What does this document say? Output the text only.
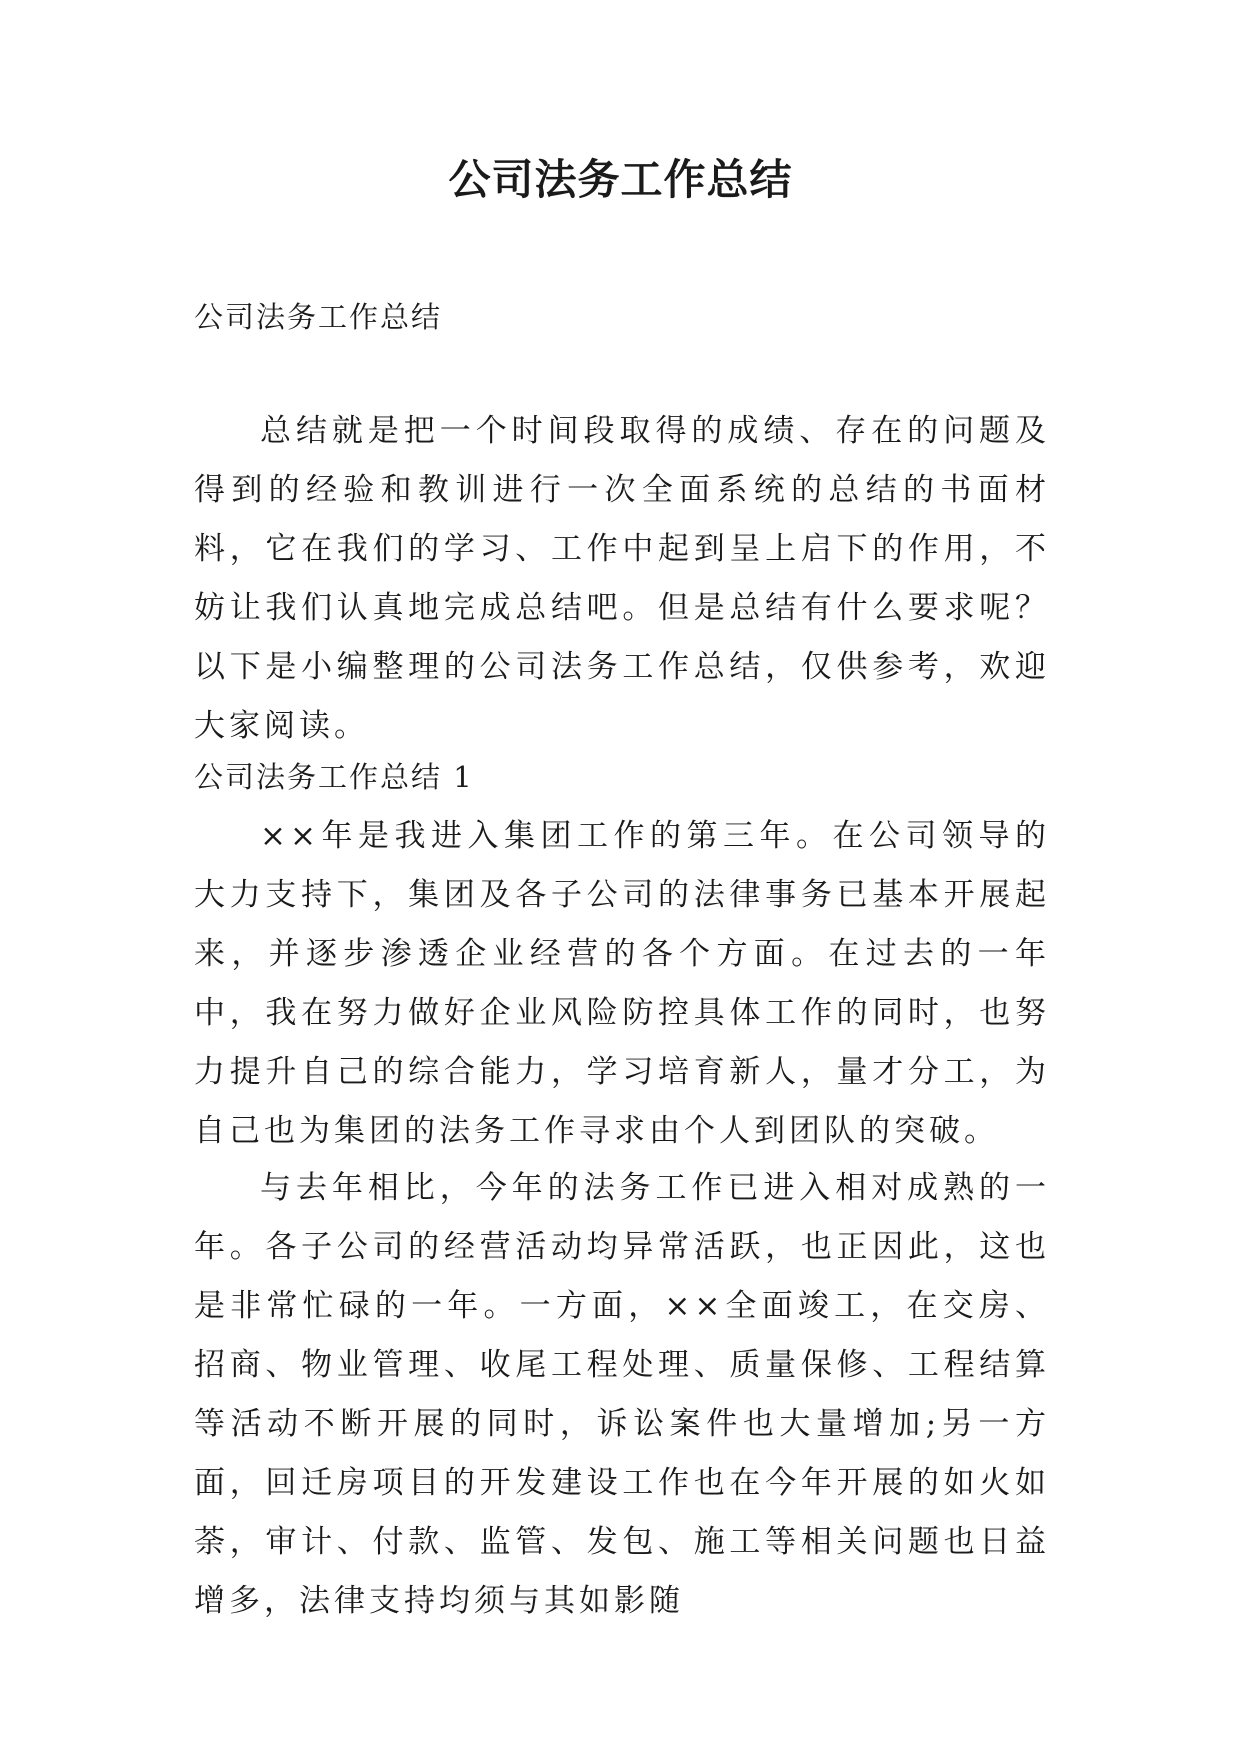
公司法务工作总结

公司法务工作总结

总结就是把一个时间段取得的成绩、存在的问题及得到的经验和教训进行一次全面系统的总结的书面材料，它在我们的学习、工作中起到呈上启下的作用，不妨让我们认真地完成总结吧。但是总结有什么要求呢？以下是小编整理的公司法务工作总结，仅供参考，欢迎大家阅读。

公司法务工作总结 1

××年是我进入集团工作的第三年。在公司领导的大力支持下，集团及各子公司的法律事务已基本开展起来，并逐步渗透企业经营的各个方面。在过去的一年中，我在努力做好企业风险防控具体工作的同时，也努力提升自己的综合能力，学习培育新人，量才分工，为自己也为集团的法务工作寻求由个人到团队的突破。

与去年相比，今年的法务工作已进入相对成熟的一年。各子公司的经营活动均异常活跃，也正因此，这也是非常忙碌的一年。一方面，××全面竣工，在交房、招商、物业管理、收尾工程处理、质量保修、工程结算等活动不断开展的同时，诉讼案件也大量增加;另一方面，回迁房项目的开发建设工作也在今年开展的如火如荼，审计、付款、监管、发包、施工等相关问题也日益增多，法律支持均须与其如影随
